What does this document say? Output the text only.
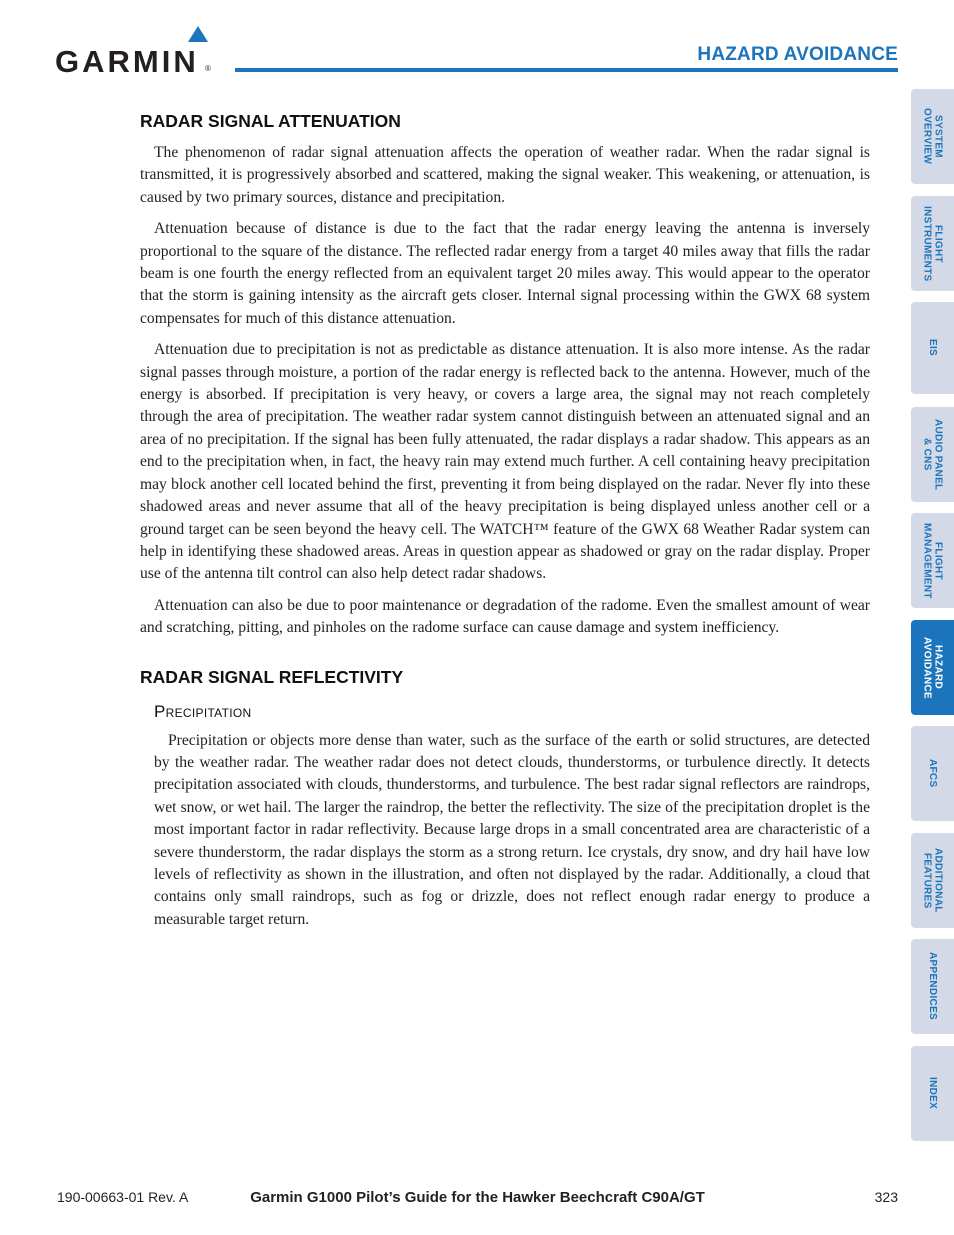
GARMIN ®
HAZARD AVOIDANCE
RADAR SIGNAL ATTENUATION

The phenomenon of radar signal attenuation affects the operation of weather radar. When the radar signal is transmitted, it is progressively absorbed and scattered, making the signal weaker. This weakening, or attenuation, is caused by two primary sources, distance and precipitation.

Attenuation because of distance is due to the fact that the radar energy leaving the antenna is inversely proportional to the square of the distance. The reflected radar energy from a target 40 miles away that fills the radar beam is one fourth the energy reflected from an equivalent target 20 miles away. This would appear to the operator that the storm is gaining intensity as the aircraft gets closer. Internal signal processing within the GWX 68 system compensates for much of this distance attenuation.

Attenuation due to precipitation is not as predictable as distance attenuation. It is also more intense. As the radar signal passes through moisture, a portion of the radar energy is reflected back to the antenna. However, much of the energy is absorbed. If precipitation is very heavy, or covers a large area, the signal may not reach completely through the area of precipitation. The weather radar system cannot distinguish between an attenuated signal and an area of no precipitation. If the signal has been fully attenuated, the radar displays a radar shadow. This appears as an end to the precipitation when, in fact, the heavy rain may extend much further. A cell containing heavy precipitation may block another cell located behind the first, preventing it from being displayed on the radar. Never fly into these shadowed areas and never assume that all of the heavy precipitation is being displayed unless another cell or a ground target can be seen beyond the heavy cell. The WATCH™ feature of the GWX 68 Weather Radar system can help in identifying these shadowed areas. Areas in question appear as shadowed or gray on the radar display. Proper use of the antenna tilt control can also help detect radar shadows.

Attenuation can also be due to poor maintenance or degradation of the radome. Even the smallest amount of wear and scratching, pitting, and pinholes on the radome surface can cause damage and system inefficiency.

RADAR SIGNAL REFLECTIVITY
Precipitation

Precipitation or objects more dense than water, such as the surface of the earth or solid structures, are detected by the weather radar. The weather radar does not detect clouds, thunderstorms, or turbulence directly. It detects precipitation associated with clouds, thunderstorms, and turbulence. The best radar signal reflectors are raindrops, wet snow, or wet hail. The larger the raindrop, the better the reflectivity. The size of the precipitation droplet is the most important factor in radar reflectivity. Because large drops in a small concentrated area are characteristic of a severe thunderstorm, the radar displays the storm as a strong return. Ice crystals, dry snow, and dry hail have low levels of reflectivity as shown in the illustration, and often not displayed by the radar. Additionally, a cloud that contains only small raindrops, such as fog or drizzle, does not reflect enough radar energy to produce a measurable target return.

SYSTEM
OVERVIEW
FLIGHT
INSTRUMENTS
EIS
AUDIO PANEL
& CNS
FLIGHT
MANAGEMENT
HAZARD
AVOIDANCE
AFCS
ADDITIONAL
FEATURES
APPENDICES
INDEX
190-00663-01 Rev. A	Garmin G1000 Pilot’s Guide for the Hawker Beechcraft C90A/GT	323
